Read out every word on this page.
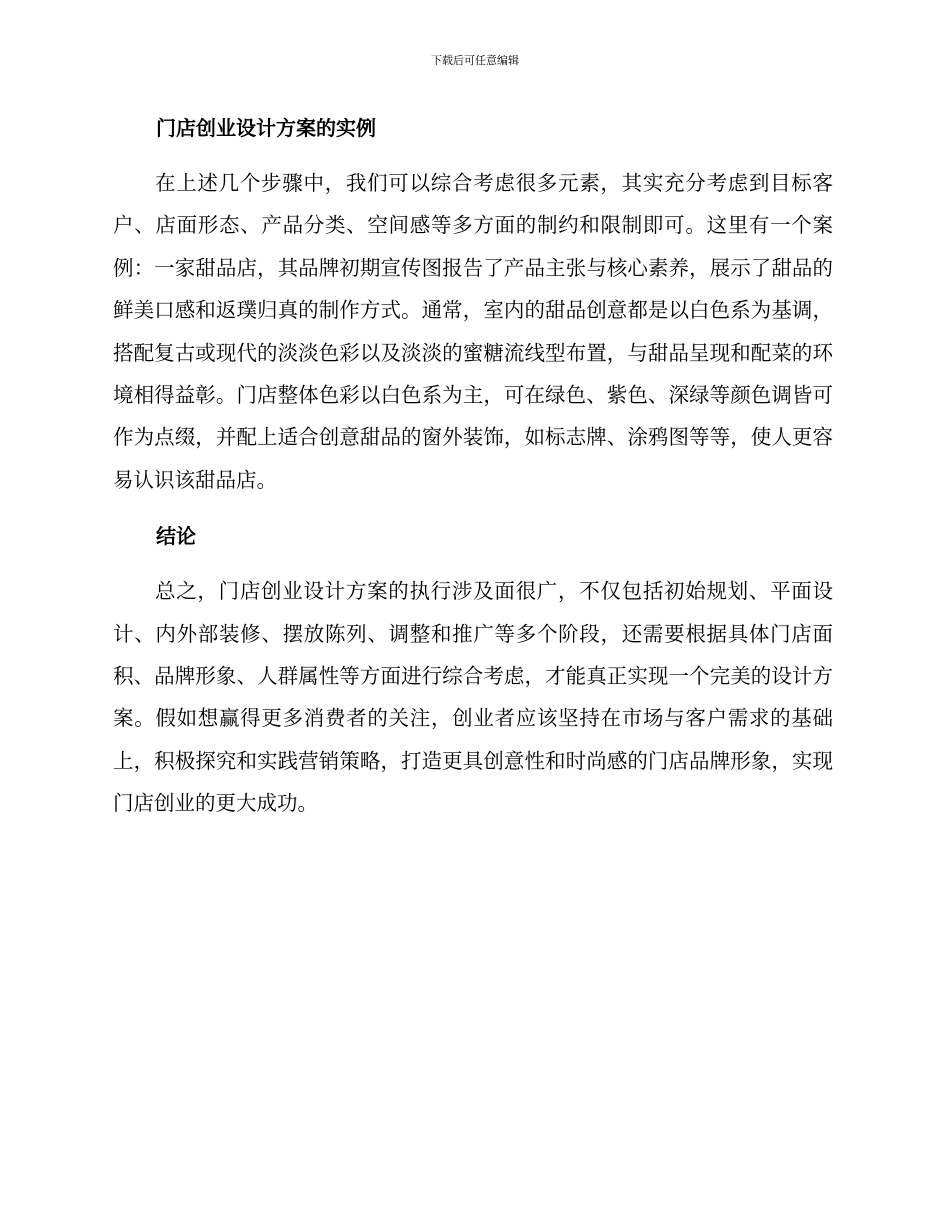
下载后可任意编辑
门店创业设计方案的实例

在上述几个步骤中，我们可以综合考虑很多元素，其实充分考虑到目标客户、店面形态、产品分类、空间感等多方面的制约和限制即可。这里有一个案例：一家甜品店，其品牌初期宣传图报告了产品主张与核心素养，展示了甜品的鲜美口感和返璞归真的制作方式。通常，室内的甜品创意都是以白色系为基调，搭配复古或现代的淡淡色彩以及淡淡的蜜糖流线型布置，与甜品呈现和配菜的环境相得益彰。门店整体色彩以白色系为主，可在绿色、紫色、深绿等颜色调皆可作为点缀，并配上适合创意甜品的窗外装饰，如标志牌、涂鸦图等等，使人更容易认识该甜品店。

结论

总之，门店创业设计方案的执行涉及面很广，不仅包括初始规划、平面设计、内外部装修、摆放陈列、调整和推广等多个阶段，还需要根据具体门店面积、品牌形象、人群属性等方面进行综合考虑，才能真正实现一个完美的设计方案。假如想赢得更多消费者的关注，创业者应该坚持在市场与客户需求的基础上，积极探究和实践营销策略，打造更具创意性和时尚感的门店品牌形象，实现门店创业的更大成功。
